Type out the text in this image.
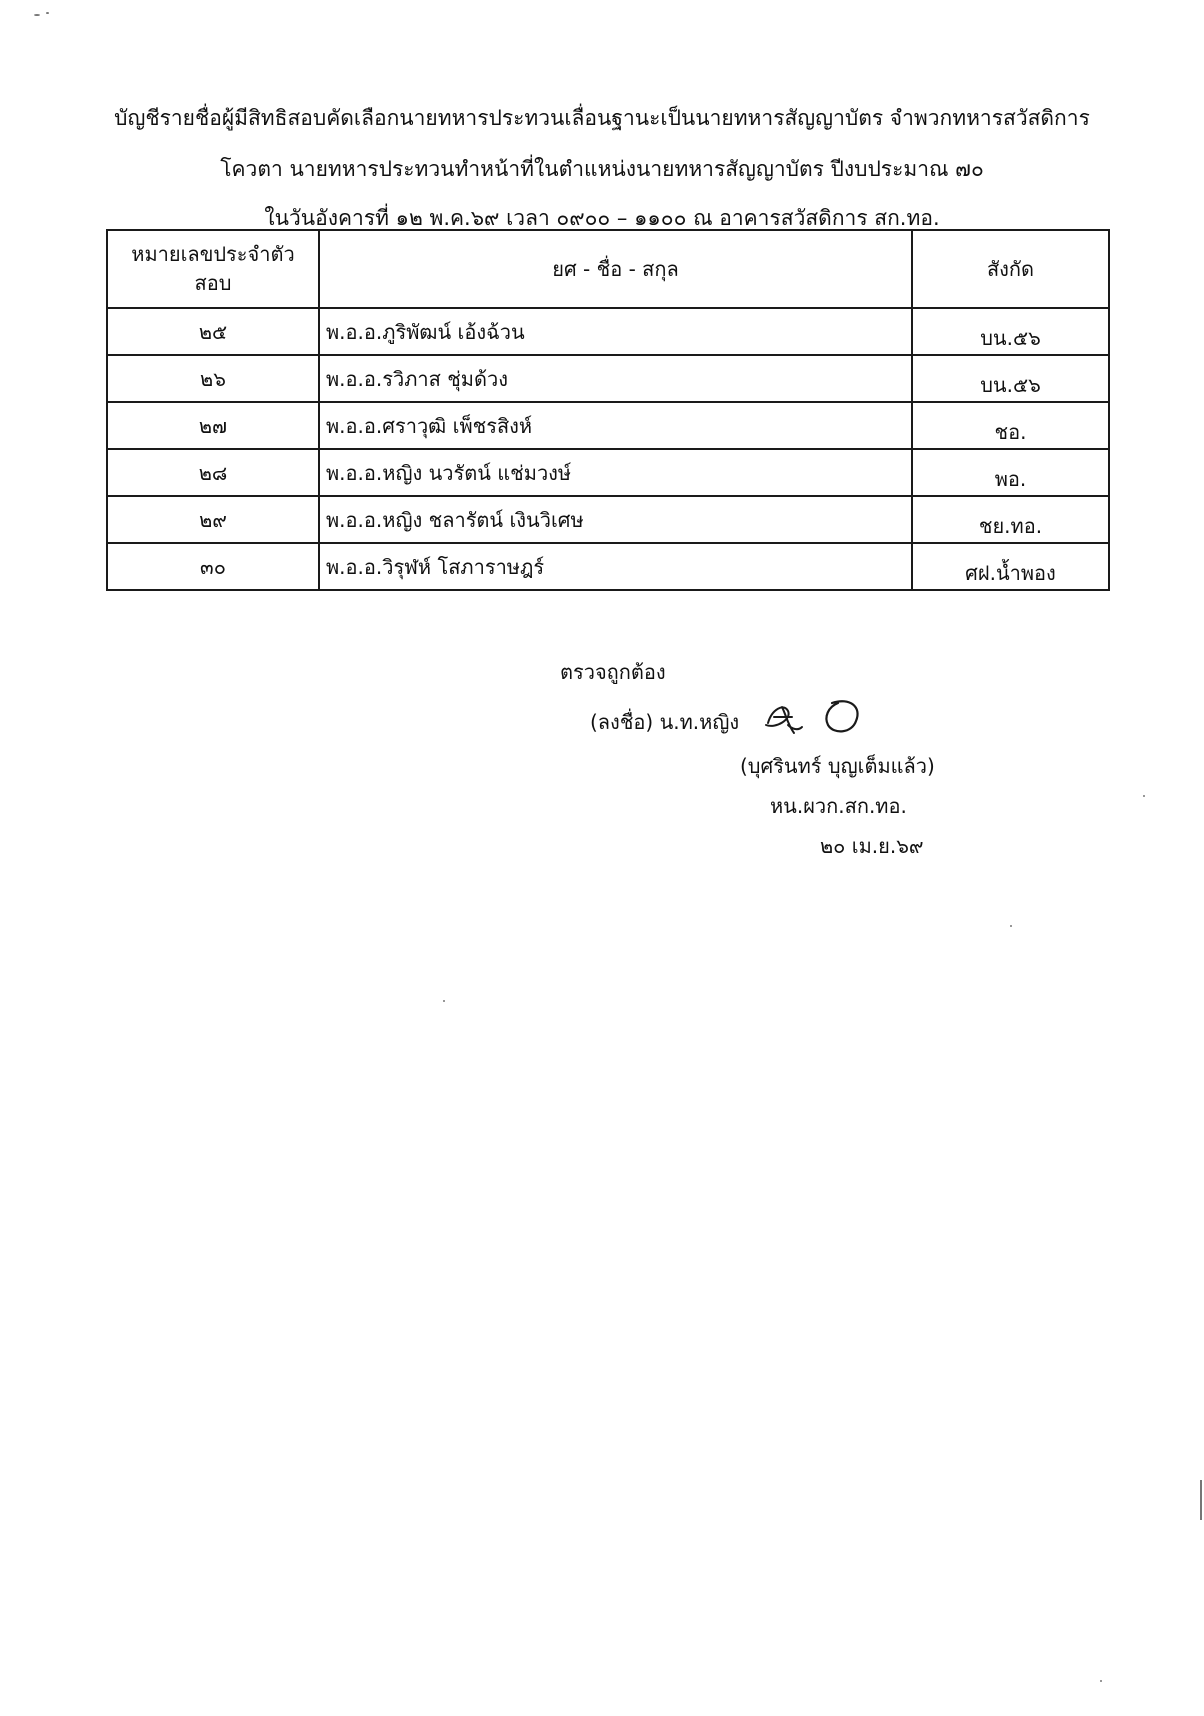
บัญชีรายชื่อผู้มีสิทธิสอบคัดเลือกนายทหารประทวนเลื่อนฐานะเป็นนายทหารสัญญาบัตร จำพวกทหารสวัสดิการ
โควตา นายทหารประทวนทำหน้าที่ในตำแหน่งนายทหารสัญญาบัตร ปีงบประมาณ ๗๐
ในวันอังคารที่ ๑๒ พ.ค.๖๙ เวลา ๐๙๐๐ – ๑๑๐๐ ณ อาคารสวัสดิการ สก.ทอ.
หมายเลขประจำตัวสอบ	ยศ - ชื่อ - สกุล	สังกัด
๒๕	พ.อ.อ.ภูริพัฒน์ เอ้งฉ้วน	บน.๕๖
๒๖	พ.อ.อ.รวิภาส ชุ่มด้วง	บน.๕๖
๒๗	พ.อ.อ.ศราวุฒิ เพ็ชรสิงห์	ชอ.
๒๘	พ.อ.อ.หญิง นวรัตน์ แช่มวงษ์	พอ.
๒๙	พ.อ.อ.หญิง ชลารัตน์ เงินวิเศษ	ชย.ทอ.
๓๐	พ.อ.อ.วิรุฬห์ โสภาราษฎร์	ศฝ.น้ำพอง
ตรวจถูกต้อง
(ลงชื่อ) น.ท.หญิง
(บุศรินทร์ บุญเต็มแล้ว)
หน.ผวก.สก.ทอ.
๒๐ เม.ย.๖๙
